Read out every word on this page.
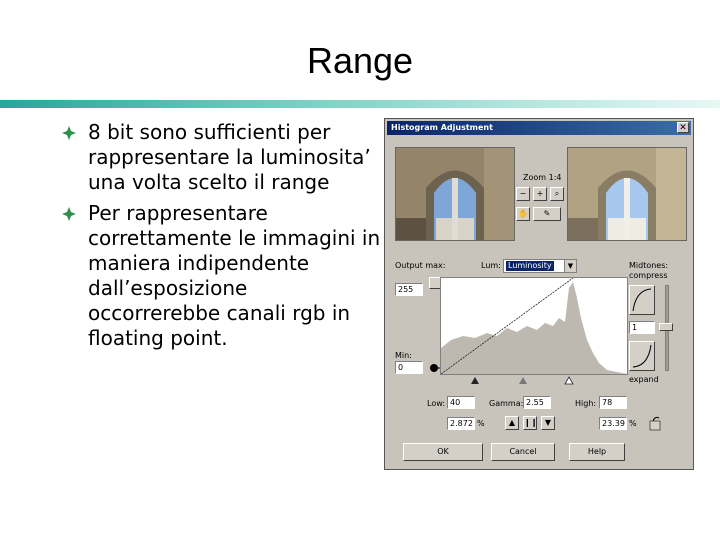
Range
8 bit sono sufficienti per rappresentare la luminosita’ una volta scelto il range
Per rappresentare correttamente le immagini in maniera indipendente dall’esposizione occorrerebbe canali rgb in floating point.
Histogram Adjustment	✕
Zoom 1:4
−	+	⌕
✋	✎
Output max:
255
Min:
0
Lum: Luminosity	▼	Midtones:
compress
1
expand
Low: 40	Gamma: 2.55	High: 78
2.872 %	▲	❙❙ ▼	23.39 %
OK	Cancel	Help
